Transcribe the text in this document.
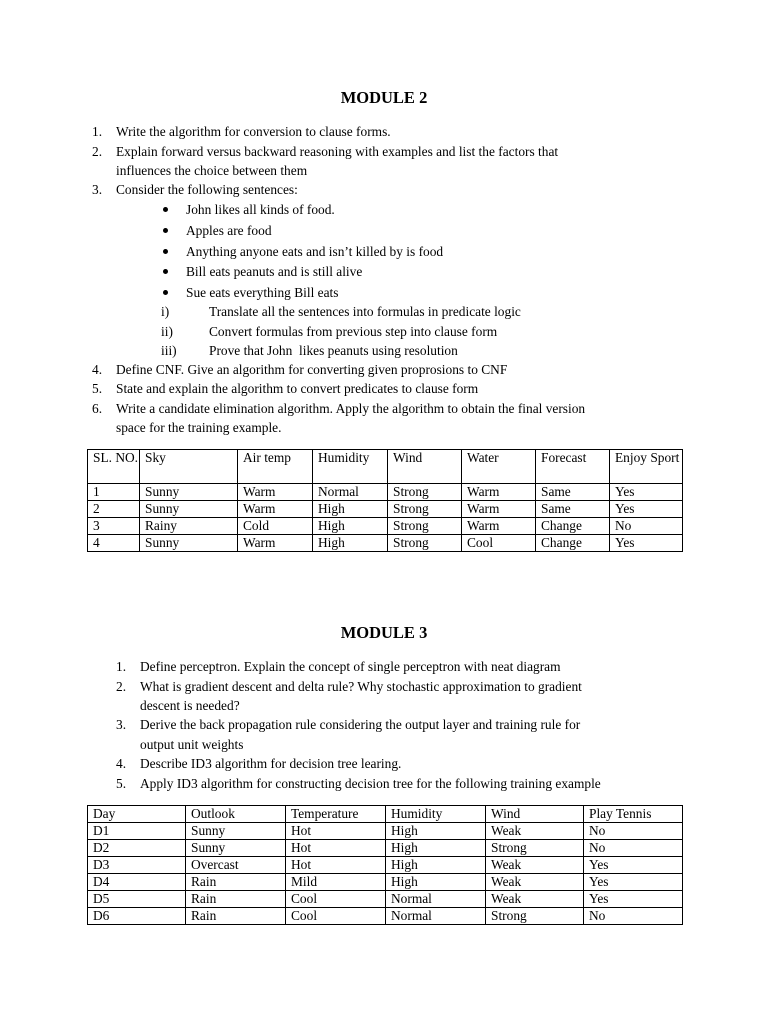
MODULE 2
1. Write the algorithm for conversion to clause forms.
2. Explain forward versus backward reasoning with examples and list the factors that
influences the choice between them
3. Consider the following sentences:
John likes all kinds of food.
Apples are food
Anything anyone eats and isn’t killed by is food
Bill eats peanuts and is still alive
Sue eats everything Bill eats
i)	Translate all the sentences into formulas in predicate logic
ii)	Convert formulas from previous step into clause form
iii) Prove that John  likes peanuts using resolution
4. Define CNF. Give an algorithm for converting given proprosions to CNF
5. State and explain the algorithm to convert predicates to clause form
6. Write a candidate elimination algorithm. Apply the algorithm to obtain the final version
space for the training example.
SL. NO.	Sky	Air temp	Humidity	Wind	Water	Forecast	Enjoy Sport
1	Sunny	Warm	Normal	Strong	Warm	Same	Yes
2	Sunny	Warm	High	Strong	Warm	Same	Yes
3	Rainy	Cold	High	Strong	Warm	Change	No
4	Sunny	Warm	High	Strong	Cool	Change	Yes
MODULE 3
1. Define perceptron. Explain the concept of single perceptron with neat diagram
2. What is gradient descent and delta rule? Why stochastic approximation to gradient
descent is needed?
3. Derive the back propagation rule considering the output layer and training rule for
output unit weights
4. Describe ID3 algorithm for decision tree learing.
5. Apply ID3 algorithm for constructing decision tree for the following training example
Day	Outlook	Temperature	Humidity	Wind	Play Tennis
D1	Sunny	Hot	High	Weak	No
D2	Sunny	Hot	High	Strong	No
D3	Overcast	Hot	High	Weak	Yes
D4	Rain	Mild	High	Weak	Yes
D5	Rain	Cool	Normal	Weak	Yes
D6	Rain	Cool	Normal	Strong	No
